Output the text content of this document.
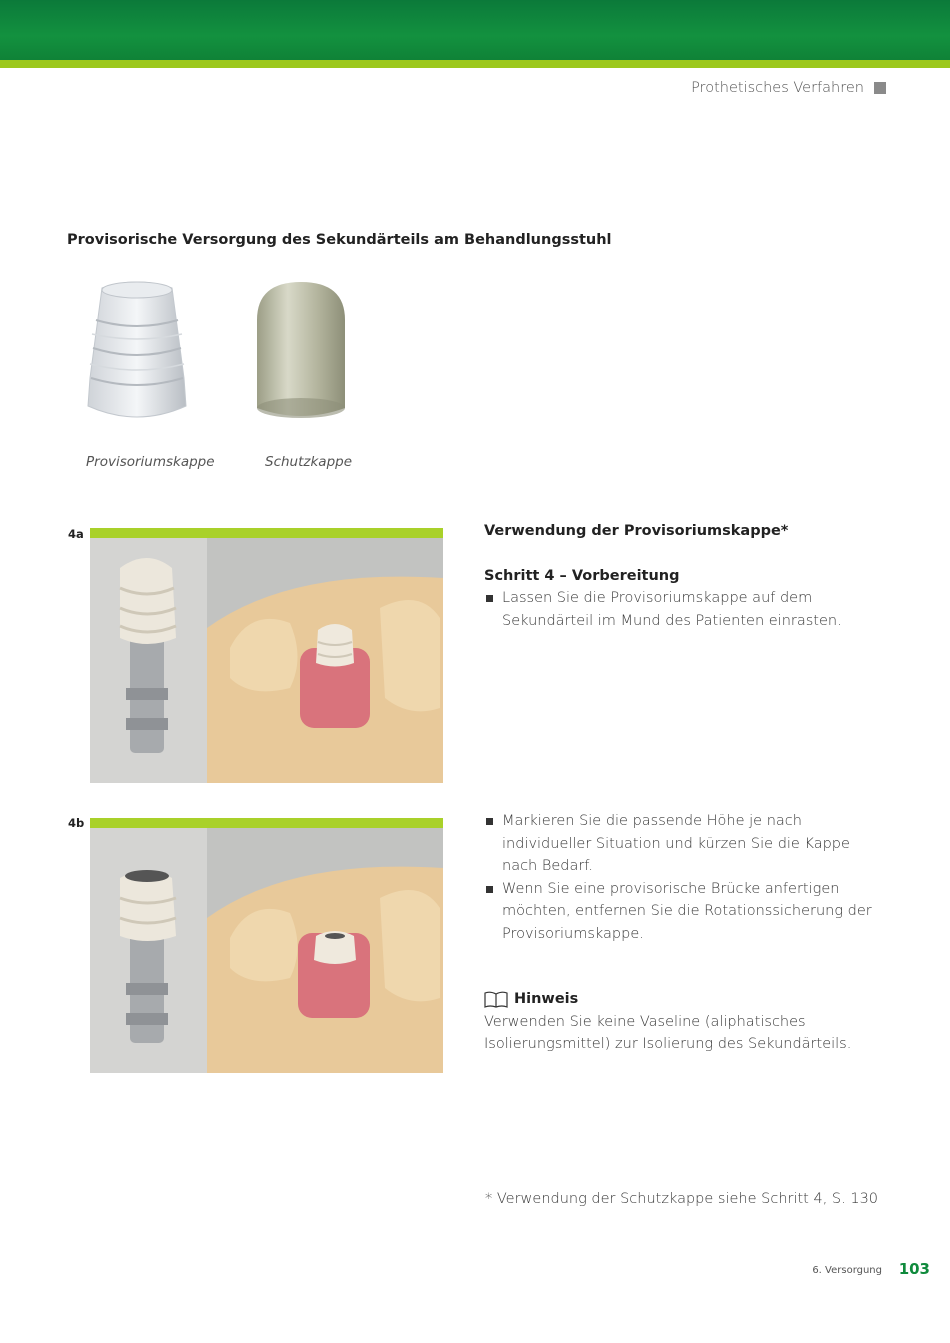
Prothetisches Verfahren
Provisorische Versorgung des Sekundärteils am Behandlungsstuhl
Provisoriumskappe	Schutzkappe
4a
4b
Verwendung der Provisoriumskappe*
Schritt 4 – Vorbereitung
Lassen Sie die Provisoriumskappe auf dem Sekundärteil im Mund des Patienten einrasten.
Markieren Sie die passende Höhe je nach individueller Situation und kürzen Sie die Kappe nach Bedarf.
Wenn Sie eine provisorische Brücke anfertigen möchten, entfernen Sie die Rotationssicherung der Provisoriumskappe.
Hinweis
Verwenden Sie keine Vaseline (aliphatisches Isolierungsmittel) zur Isolierung des Sekundärteils.
* Verwendung der Schutzkappe siehe Schritt 4, S. 130
6. Versorgung 103
